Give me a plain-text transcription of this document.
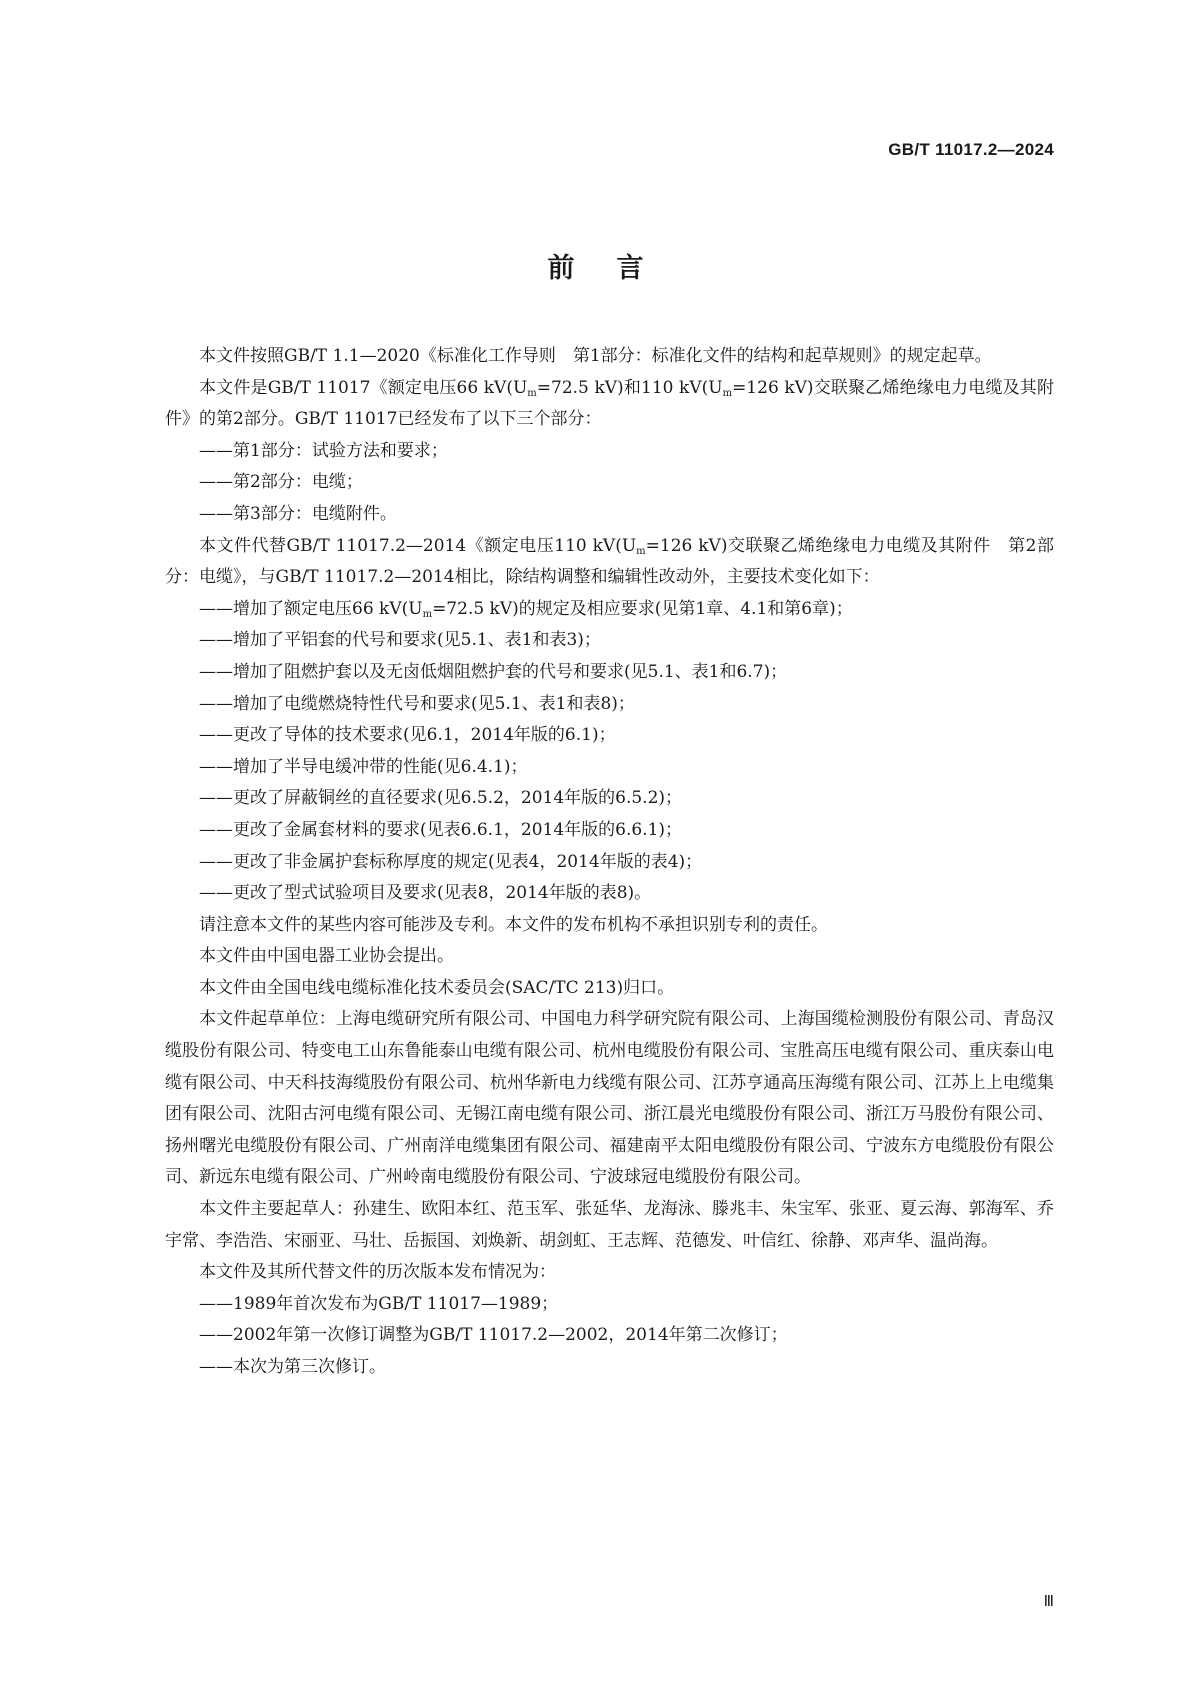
GB/T 11017.2—2024
前言

本文件按照GB/T 1.1—2020《标准化工作导则　第1部分：标准化文件的结构和起草规则》的规定起草。

本文件是GB/T 11017《额定电压66 $kV(U_m=72.5$ kV)和110 $kV(U_m=126$ kV)交联聚乙烯绝缘电力电缆及其附件》的第2部分。GB/T 11017已经发布了以下三个部分：

——第1部分：试验方法和要求；

——第2部分：电缆；

——第3部分：电缆附件。

本文件代替GB/T 11017.2—2014《额定电压110 $kV(U_m=126$ kV)交联聚乙烯绝缘电力电缆及其附件　第2部分：电缆》，与GB/T 11017.2—2014相比，除结构调整和编辑性改动外，主要技术变化如下：

——增加了额定电压66 $kV(U_m=72.5$ kV)的规定及相应要求(见第1章、4.1和第6章)；

——增加了平铝套的代号和要求(见5.1、表1和表3)；

——增加了阻燃护套以及无卤低烟阻燃护套的代号和要求(见5.1、表1和6.7)；

——增加了电缆燃烧特性代号和要求(见5.1、表1和表8)；

——更改了导体的技术要求(见6.1，2014年版的6.1)；

——增加了半导电缓冲带的性能(见6.4.1)；

——更改了屏蔽铜丝的直径要求(见6.5.2，2014年版的6.5.2)；

——更改了金属套材料的要求(见表6.6.1，2014年版的6.6.1)；

——更改了非金属护套标称厚度的规定(见表4，2014年版的表4)；

——更改了型式试验项目及要求(见表8，2014年版的表8)。

请注意本文件的某些内容可能涉及专利。本文件的发布机构不承担识别专利的责任。

本文件由中国电器工业协会提出。

本文件由全国电线电缆标准化技术委员会(SAC/TC 213)归口。

本文件起草单位：上海电缆研究所有限公司、中国电力科学研究院有限公司、上海国缆检测股份有限公司、青岛汉缆股份有限公司、特变电工山东鲁能泰山电缆有限公司、杭州电缆股份有限公司、宝胜高压电缆有限公司、重庆泰山电缆有限公司、中天科技海缆股份有限公司、杭州华新电力线缆有限公司、江苏亨通高压海缆有限公司、江苏上上电缆集团有限公司、沈阳古河电缆有限公司、无锡江南电缆有限公司、浙江晨光电缆股份有限公司、浙江万马股份有限公司、扬州曙光电缆股份有限公司、广州南洋电缆集团有限公司、福建南平太阳电缆股份有限公司、宁波东方电缆股份有限公司、新远东电缆有限公司、广州岭南电缆股份有限公司、宁波球冠电缆股份有限公司。

本文件主要起草人：孙建生、欧阳本红、范玉军、张延华、龙海泳、滕兆丰、朱宝军、张亚、夏云海、郭海军、乔宇常、李浩浩、宋丽亚、马壮、岳振国、刘焕新、胡剑虹、王志辉、范德发、叶信红、徐静、邓声华、温尚海。

本文件及其所代替文件的历次版本发布情况为：

——1989年首次发布为GB/T 11017—1989；

——2002年第一次修订调整为GB/T 11017.2—2002，2014年第二次修订；

——本次为第三次修订。

Ⅲ
